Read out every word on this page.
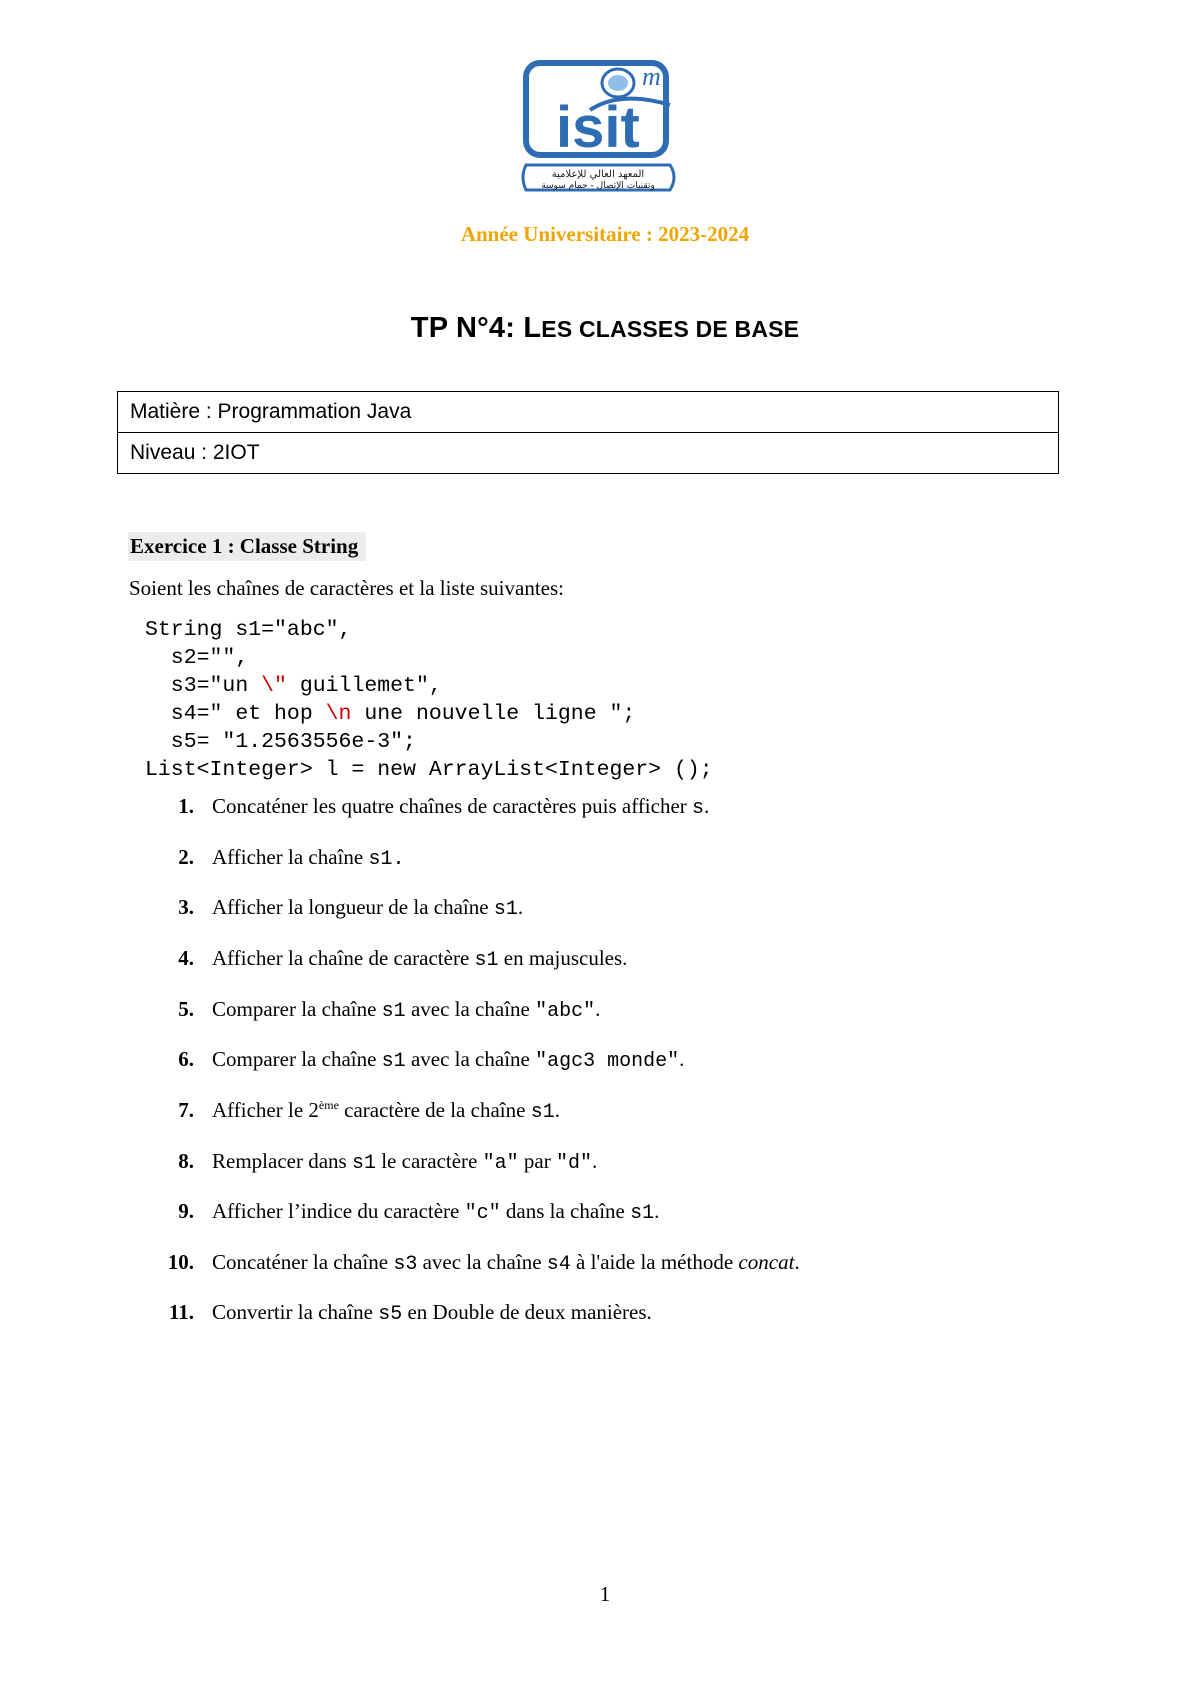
m
isit
المعهد العالي للإعلامية
وتقنيات الإتصال - حمام سوسة
Année Universitaire : 2023-2024
TP N°4: LES CLASSES DE BASE
Matière : Programmation Java
Niveau : 2IOT
Exercice 1 : Classe String
Soient les chaînes de caractères et la liste suivantes:
String s1="abc",
s2="",
s3="un \" guillemet",
s4=" et hop \n une nouvelle ligne ";
s5= "1.2563556e-3";
List<Integer> l = new ArrayList<Integer> ();
1. Concaténer les quatre chaînes de caractères puis afficher s.
2. Afficher la chaîne s1.
3. Afficher la longueur de la chaîne s1.
4. Afficher la chaîne de caractère s1 en majuscules.
5. Comparer la chaîne s1 avec la chaîne "abc".
6. Comparer la chaîne s1 avec la chaîne "agc3 monde".
7. Afficher le 2ème caractère de la chaîne s1.
8. Remplacer dans s1 le caractère "a" par "d".
9. Afficher l’indice du caractère "c" dans la chaîne s1.
10. Concaténer la chaîne s3 avec la chaîne s4 à l'aide la méthode concat.
11. Convertir la chaîne s5 en Double de deux manières.
1
